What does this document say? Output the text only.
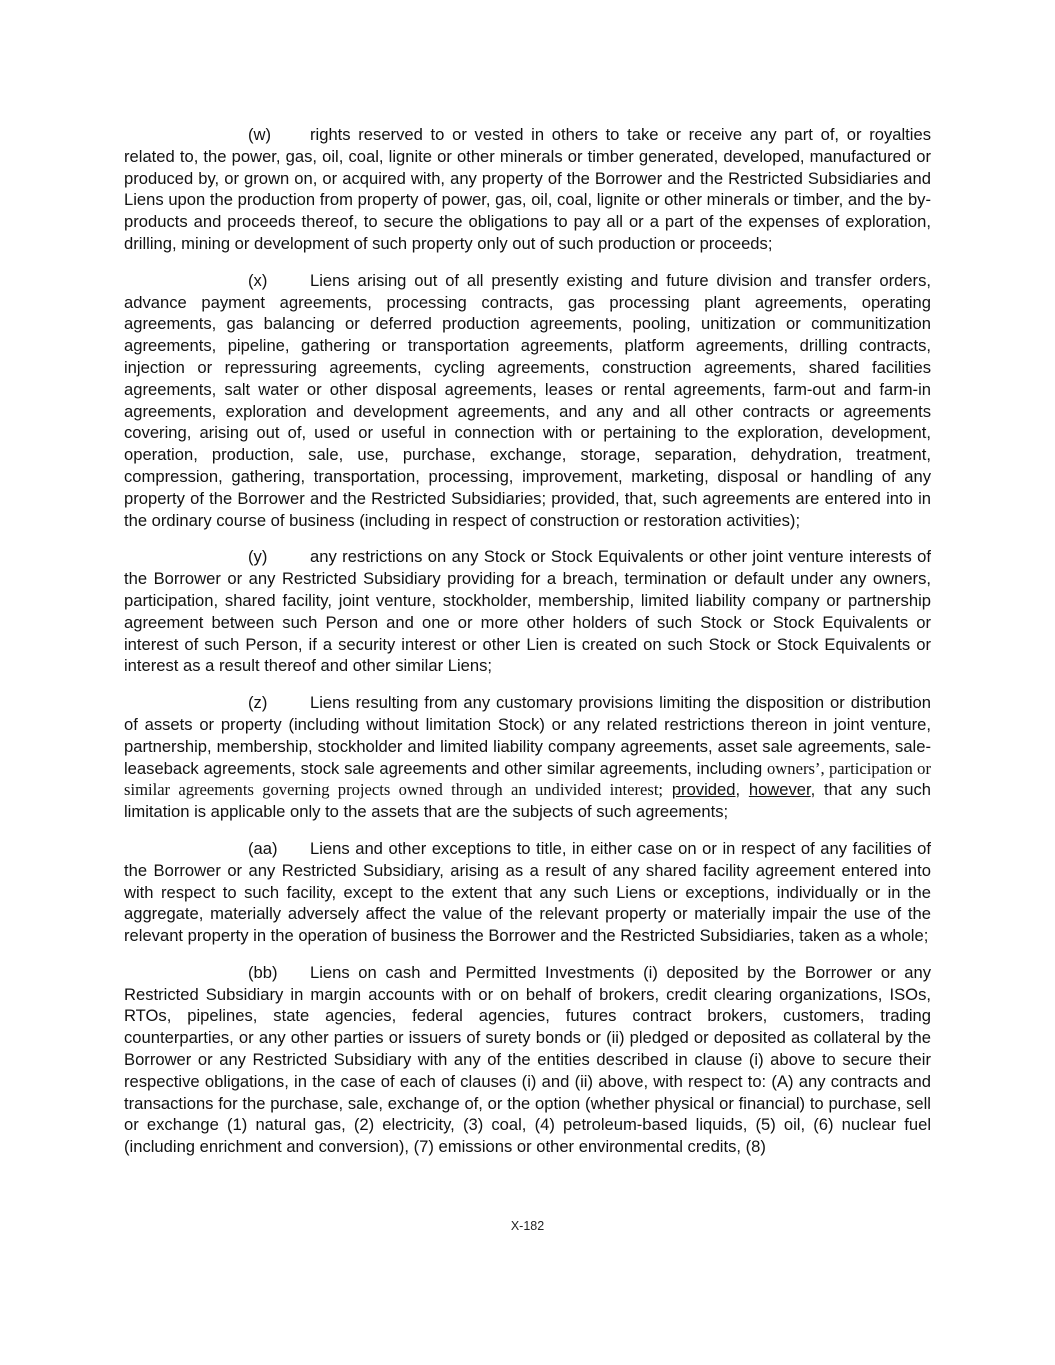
(w) rights reserved to or vested in others to take or receive any part of, or royalties related to, the power, gas, oil, coal, lignite or other minerals or timber generated, developed, manufactured or produced by, or grown on, or acquired with, any property of the Borrower and the Restricted Subsidiaries and Liens upon the production from property of power, gas, oil, coal, lignite or other minerals or timber, and the by-products and proceeds thereof, to secure the obligations to pay all or a part of the expenses of exploration, drilling, mining or development of such property only out of such production or proceeds;

(x)	Liens arising out of all presently existing and future division and transfer orders, advance payment agreements, processing contracts, gas processing plant agreements, operating agreements, gas balancing or deferred production agreements, pooling, unitization or communitization agreements, pipeline, gathering or transportation agreements, platform agreements, drilling contracts, injection or repressuring agreements, cycling agreements, construction agreements, shared facilities agreements, salt water or other disposal agreements, leases or rental agreements, farm-out and farm-in agreements, exploration and development agreements, and any and all other contracts or agreements covering, arising out of, used or useful in connection with or pertaining to the exploration, development, operation, production, sale, use, purchase, exchange, storage, separation, dehydration, treatment, compression, gathering, transportation, processing, improvement, marketing, disposal or handling of any property of the Borrower and the Restricted Subsidiaries; provided, that, such agreements are entered into in the ordinary course of business (including in respect of construction or restoration activities);

(y)	any restrictions on any Stock or Stock Equivalents or other joint venture interests of the Borrower or any Restricted Subsidiary providing for a breach, termination or default under any owners, participation, shared facility, joint venture, stockholder, membership, limited liability company or partnership agreement between such Person and one or more other holders of such Stock or Stock Equivalents or interest of such Person, if a security interest or other Lien is created on such Stock or Stock Equivalents or interest as a result thereof and other similar Liens;

(z)	Liens resulting from any customary provisions limiting the disposition or distribution of assets or property (including without limitation Stock) or any related restrictions thereon in joint venture, partnership, membership, stockholder and limited liability company agreements, asset sale agreements, sale-leaseback agreements, stock sale agreements and other similar agreements, including owners’, participation or similar agreements governing projects owned through an undivided interest; provided, however, that any such limitation is applicable only to the assets that are the subjects of such agreements;

(aa) Liens and other exceptions to title, in either case on or in respect of any facilities of the Borrower or any Restricted Subsidiary, arising as a result of any shared facility agreement entered into with respect to such facility, except to the extent that any such Liens or exceptions, individually or in the aggregate, materially adversely affect the value of the relevant property or materially impair the use of the relevant property in the operation of business the Borrower and the Restricted Subsidiaries, taken as a whole;

(bb) Liens on cash and Permitted Investments (i) deposited by the Borrower or any Restricted Subsidiary in margin accounts with or on behalf of brokers, credit clearing organizations, ISOs, RTOs, pipelines, state agencies, federal agencies, futures contract brokers, customers, trading counterparties, or any other parties or issuers of surety bonds or (ii) pledged or deposited as collateral by the Borrower or any Restricted Subsidiary with any of the entities described in clause (i) above to secure their respective obligations, in the case of each of clauses (i) and (ii) above, with respect to: (A) any contracts and transactions for the purchase, sale, exchange of, or the option (whether physical or financial) to purchase, sell or exchange (1) natural gas, (2) electricity, (3) coal, (4) petroleum-based liquids, (5) oil, (6) nuclear fuel (including enrichment and conversion), (7) emissions or other environmental credits, (8)

X-182
